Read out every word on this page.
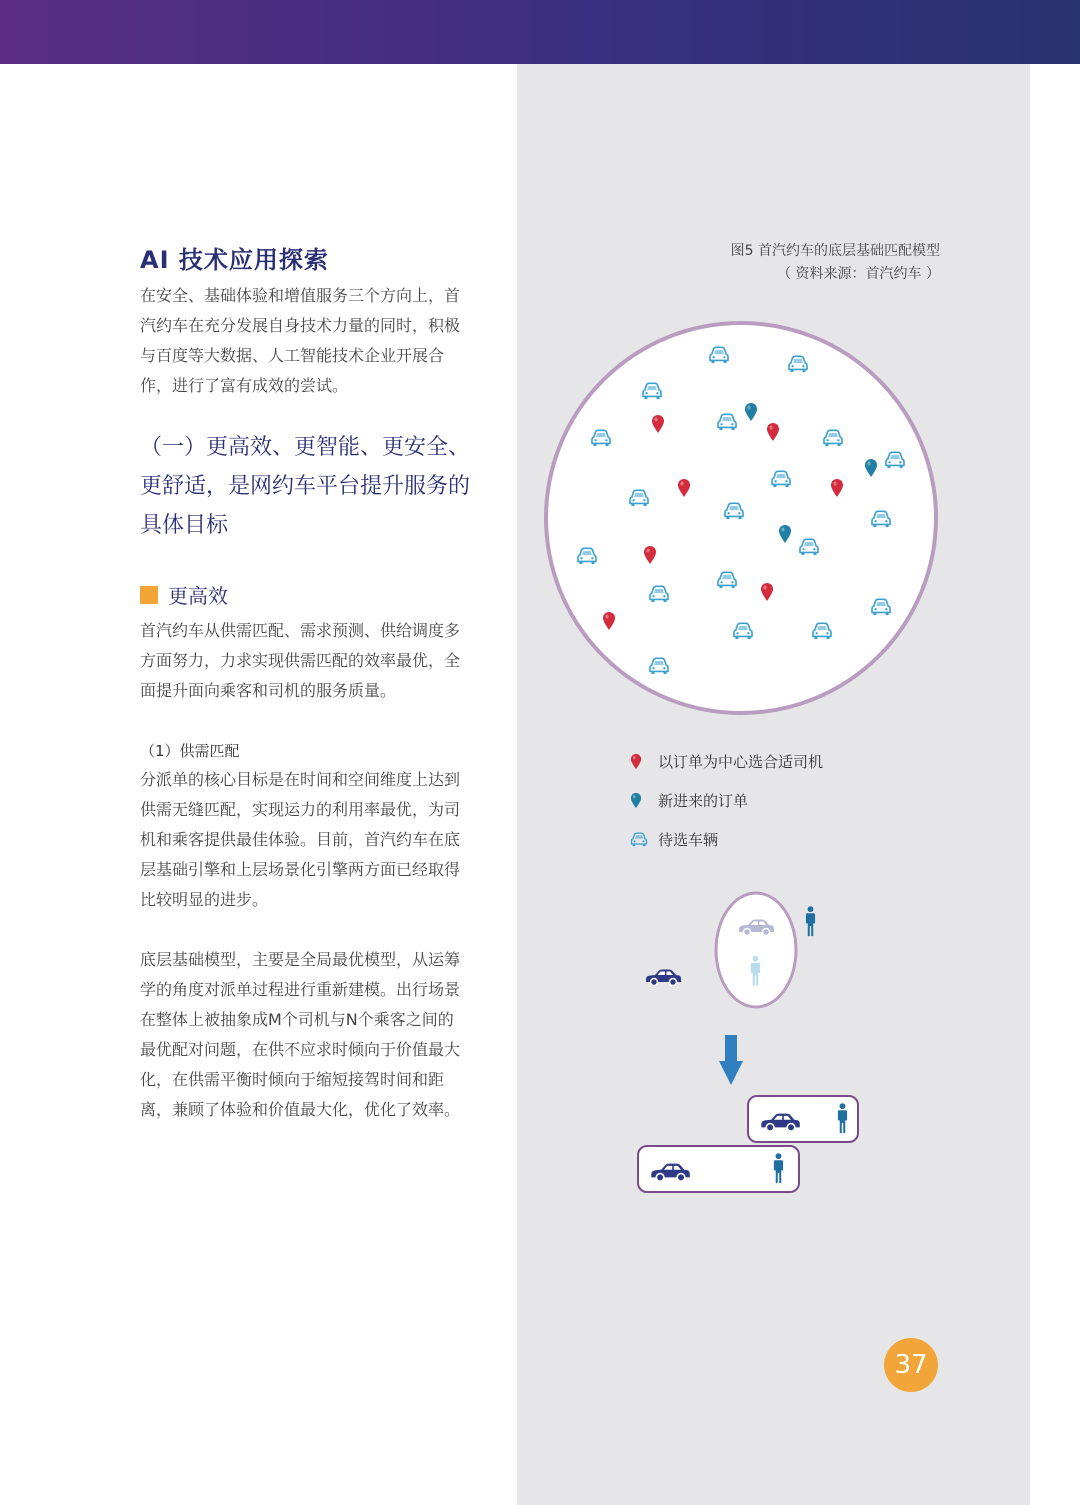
AI 技术应用探索
在安全、基础体验和增值服务三个方向上，首
汽约车在充分发展自身技术力量的同时，积极
与百度等大数据、人工智能技术企业开展合
作，进行了富有成效的尝试。
（一）更高效、更智能、更安全、
更舒适，是网约车平台提升服务的
具体目标
更高效
首汽约车从供需匹配、需求预测、供给调度多
方面努力，力求实现供需匹配的效率最优，全
面提升面向乘客和司机的服务质量。
（1）供需匹配
分派单的核心目标是在时间和空间维度上达到
供需无缝匹配，实现运力的利用率最优，为司
机和乘客提供最佳体验。目前，首汽约车在底
层基础引擎和上层场景化引擎两方面已经取得
比较明显的进步。
底层基础模型，主要是全局最优模型，从运筹
学的角度对派单过程进行重新建模。出行场景
在整体上被抽象成M个司机与N个乘客之间的
最优配对问题，在供不应求时倾向于价值最大
化，在供需平衡时倾向于缩短接驾时间和距
离，兼顾了体验和价值最大化，优化了效率。
图5 首汽约车的底层基础匹配模型
（ 资料来源：首汽约车 ）
以订单为中心选合适司机
新进来的订单
待选车辆
37
